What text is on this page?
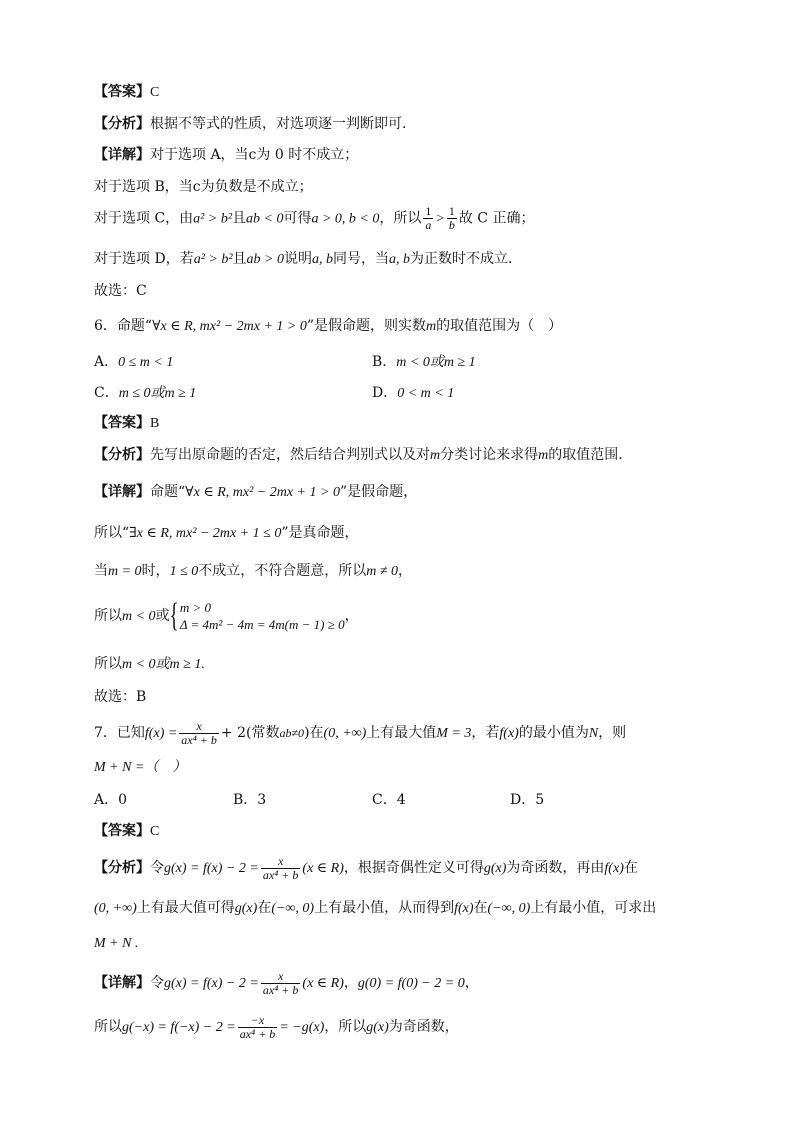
【答案】C
【分析】根据不等式的性质，对选项逐一判断即可.
【详解】对于选项 A，当c为 0 时不成立；
对于选项 B，当c为负数是不成立；
对于选项 C，由a² > b²且ab < 0可得a > 0, b < 0，所以 $\frac{1}{a} > \frac{1}{b}$ 故 C 正确；
对于选项 D，若a² > b²且ab > 0说明a, b同号，当a, b为正数时不成立.
故选：C
6．命题“∀x ∈ R, mx² − 2mx + 1 > 0”是假命题，则实数m的取值范围为（　）
A．0 ≤ m < 1	B．m < 0或m ≥ 1
C．m ≤ 0或m ≥ 1	D．0 < m < 1
【答案】B
【分析】先写出原命题的否定，然后结合判别式以及对m分类讨论来求得m的取值范围.
【详解】命题“∀x ∈ R, mx² − 2mx + 1 > 0”是假命题，
所以“∃x ∈ R, mx² − 2mx + 1 ≤ 0”是真命题，
当m = 0时，1 ≤ 0不成立，不符合题意，所以m ≠ 0，
所以m < 0或{ m > 0
Δ = 4m² − 4m = 4m(m − 1) ≥ 0
，
所以m < 0或m ≥ 1.
故选：B
7．已知$f(x) = \frac{x}{\text{ax⁴ + b}} + 2$(常数ab≠0)在(0, +∞)上有最大值M = 3，若f(x)的最小值为N，则
M + N =（　）
A．0	B．3	C．4	D．5
【答案】C
【分析】令$g(x) = f(x) - 2 = \frac{x}{\text{ax⁴ + b}} (x$ ∈ R)，根据奇偶性定义可得g(x)为奇函数，再由f(x)在
(0, +∞)上有最大值可得g(x)在(−∞, 0)上有最小值，从而得到f(x)在(−∞, 0)上有最小值，可求出
M + N .
【详解】令$g(x) = f(x) - 2 = \frac{x}{\text{ax⁴ + b}} (x$ ∈ R)，g(0) = f(0) − 2 = 0，
所以$g(-x) = f(-x) - 2 = \frac{-x}{\text{ax⁴ + b}} = -g(x)$，所以g(x)为奇函数，
